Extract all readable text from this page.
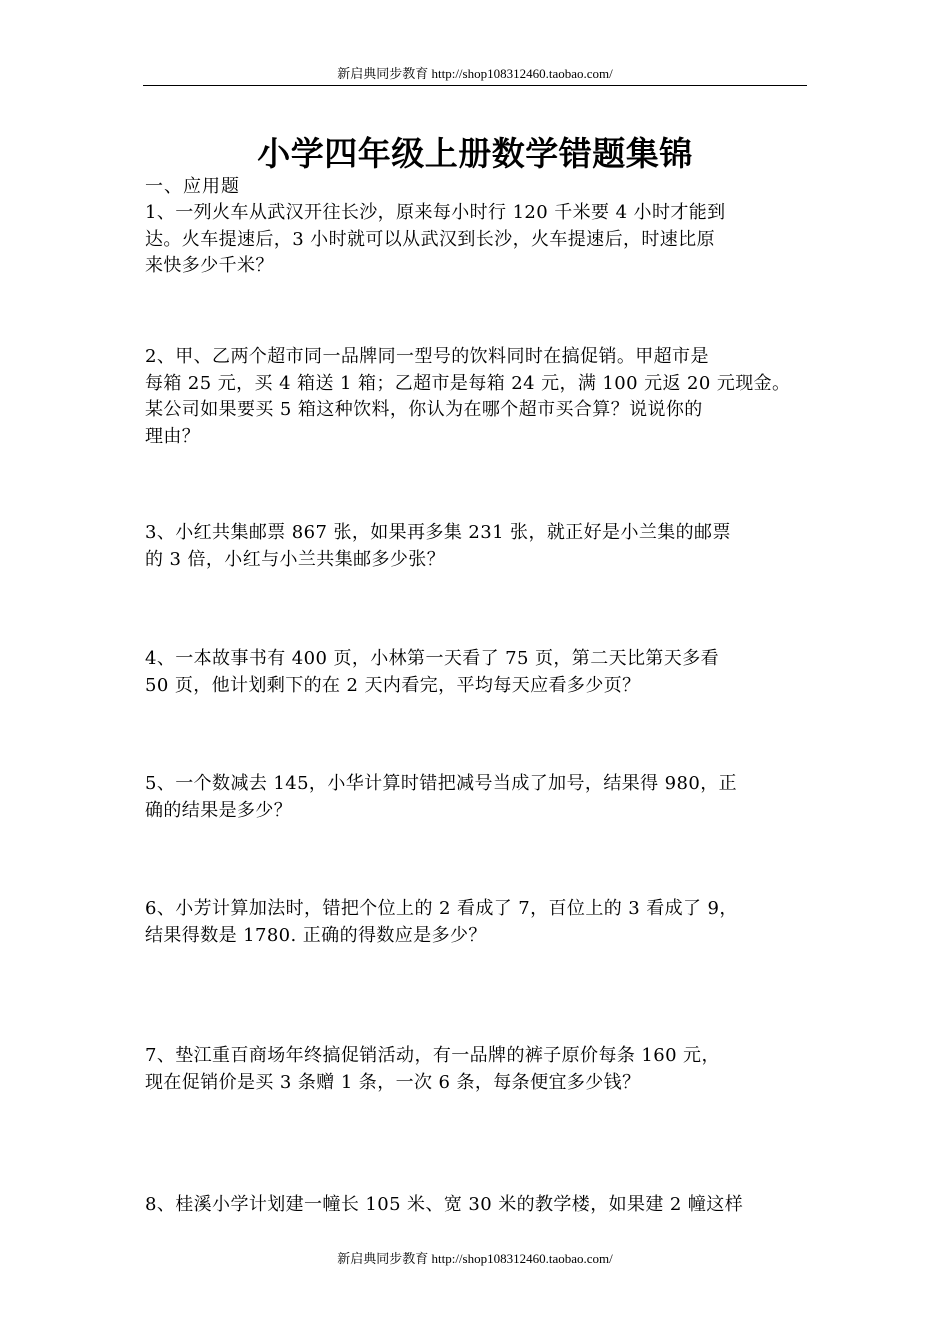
新启典同步教育 http://shop108312460.taobao.com/
小学四年级上册数学错题集锦
一、应用题
1、一列火车从武汉开往长沙，原来每小时行 120 千米要 4 小时才能到
达。火车提速后，3 小时就可以从武汉到长沙，火车提速后，时速比原
来快多少千米？
2、甲、乙两个超市同一品牌同一型号的饮料同时在搞促销。甲超市是
每箱 25 元，买 4 箱送 1 箱；乙超市是每箱 24 元，满 100 元返 20 元现金。
某公司如果要买 5 箱这种饮料，你认为在哪个超市买合算？说说你的
理由？
3、小红共集邮票 867 张，如果再多集 231 张，就正好是小兰集的邮票
的 3 倍，小红与小兰共集邮多少张？
4、一本故事书有 400 页，小林第一天看了 75 页，第二天比第天多看
50 页，他计划剩下的在 2 天内看完，平均每天应看多少页？
5、一个数减去 145，小华计算时错把减号当成了加号，结果得 980，正
确的结果是多少？
6、小芳计算加法时，错把个位上的 2 看成了 7，百位上的 3 看成了 9，
结果得数是 1780. 正确的得数应是多少？
7、垫江重百商场年终搞促销活动，有一品牌的裤子原价每条 160 元，
现在促销价是买 3 条赠 1 条，一次 6 条，每条便宜多少钱？
8、桂溪小学计划建一幢长 105 米、宽 30 米的教学楼，如果建 2 幢这样
新启典同步教育 http://shop108312460.taobao.com/
